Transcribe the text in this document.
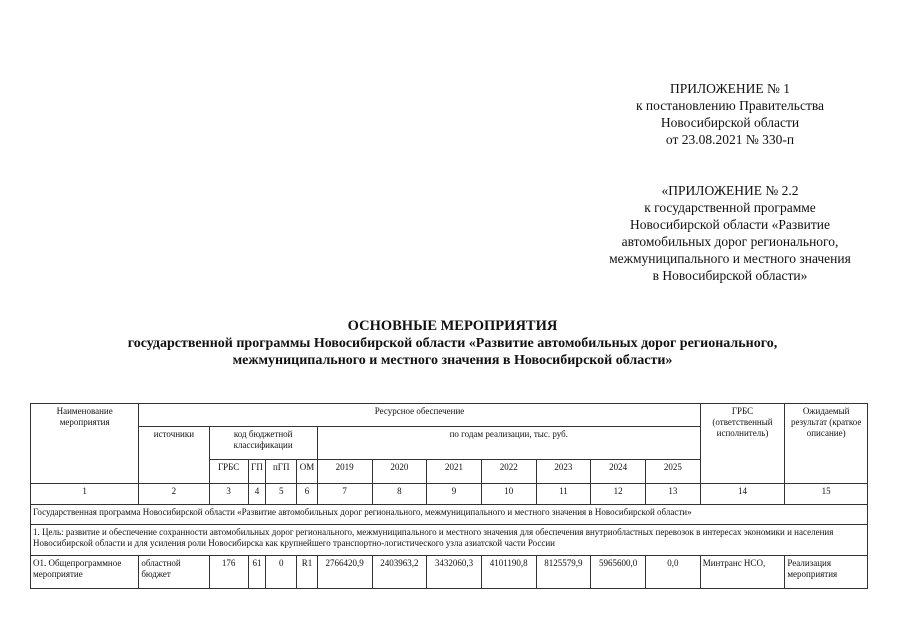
ПРИЛОЖЕНИЕ № 1
к постановлению Правительства
Новосибирской области
от 23.08.2021 № 330-п
«ПРИЛОЖЕНИЕ № 2.2
к государственной программе
Новосибирской области «Развитие
автомобильных дорог регионального,
межмуниципального и местного значения
в Новосибирской области»
ОСНОВНЫЕ МЕРОПРИЯТИЯ
государственной программы Новосибирской области «Развитие автомобильных дорог регионального,
межмуниципального и местного значения в Новосибирской области»
Наименование мероприятия	Ресурсное обеспечение												ГРБС (ответственный исполнитель)	Ожидаемый результат (краткое описание)
	источники	код бюджетной классификации				по годам реализации, тыс. руб.								
		ГРБС	ГП	пГП	ОМ	2019	2020	2021	2022	2023	2024	2025		
1	2	3	4	5	6	7	8	9	10	11	12	13	14	15
Государственная программа Новосибирской области «Развитие автомобильных дорог регионального, межмуниципального и местного значения в Новосибирской области»														
1. Цель: развитие и обеспечение сохранности автомобильных дорог регионального, межмуниципального и местного значения для обеспечения внутриобластных перевозок в интересах экономики и населения Новосибирской области и для усиления роли Новосибирска как крупнейшего транспортно-логистического узла азиатской части России														
О1. Общепрограммное мероприятие	областной бюджет	176	61	0	R1	2766420,9	2403963,2	3432060,3	4101190,8	8125579,9	5965600,0	0,0	Минтранс НСО,	Реализация мероприятия
